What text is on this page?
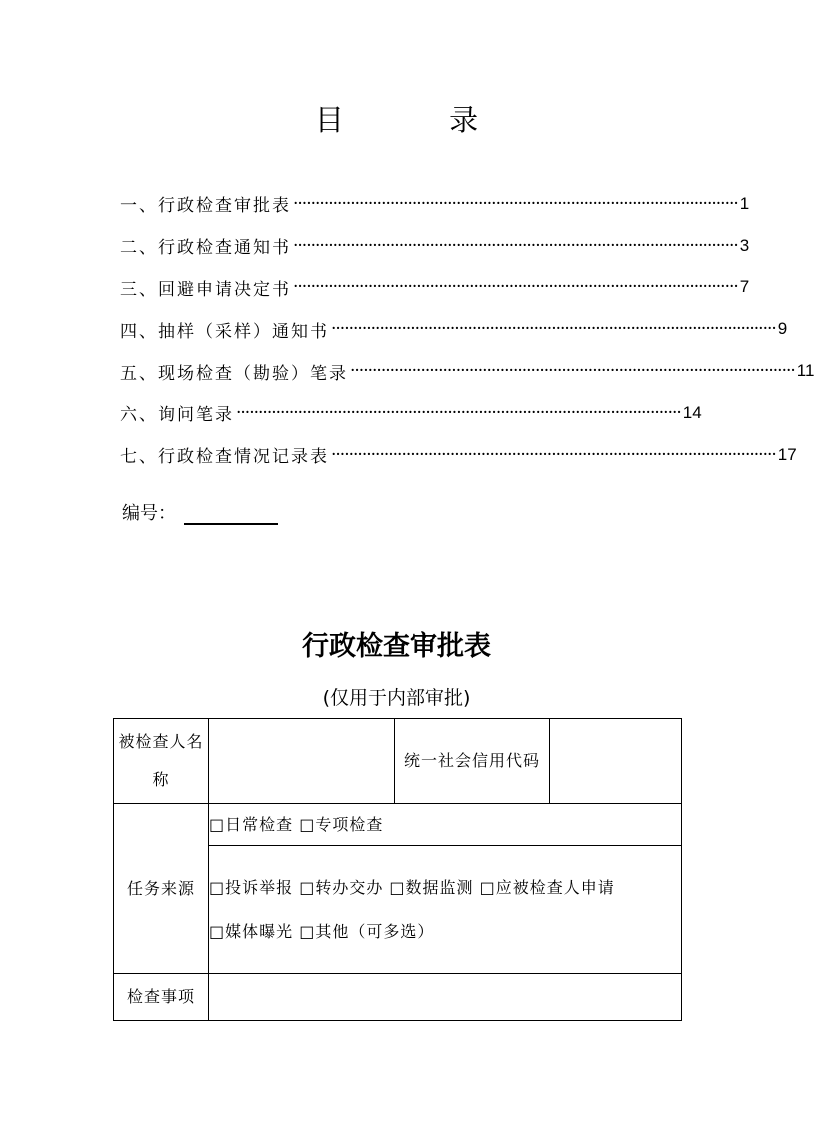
目 录
一、行政检查审批表 ····································································································· 1
二、行政检查通知书 ····································································································· 3
三、回避申请决定书 ····································································································· 7
四、抽样（采样）通知书 ····································································································· 9
五、现场检查（勘验）笔录 ····································································································· 11
六、询问笔录 ····································································································· 14
七、行政检查情况记录表 ····································································································· 17
编号：
行政检查审批表
(仅用于内部审批)
被检查人名称		统一社会信用代码	
任务来源	□日常检查 □专项检查		

	□投诉举报 □转办交办 □数据监测 □应被检查人申请
□媒体曝光 □其他（可多选）		

检查事项			
